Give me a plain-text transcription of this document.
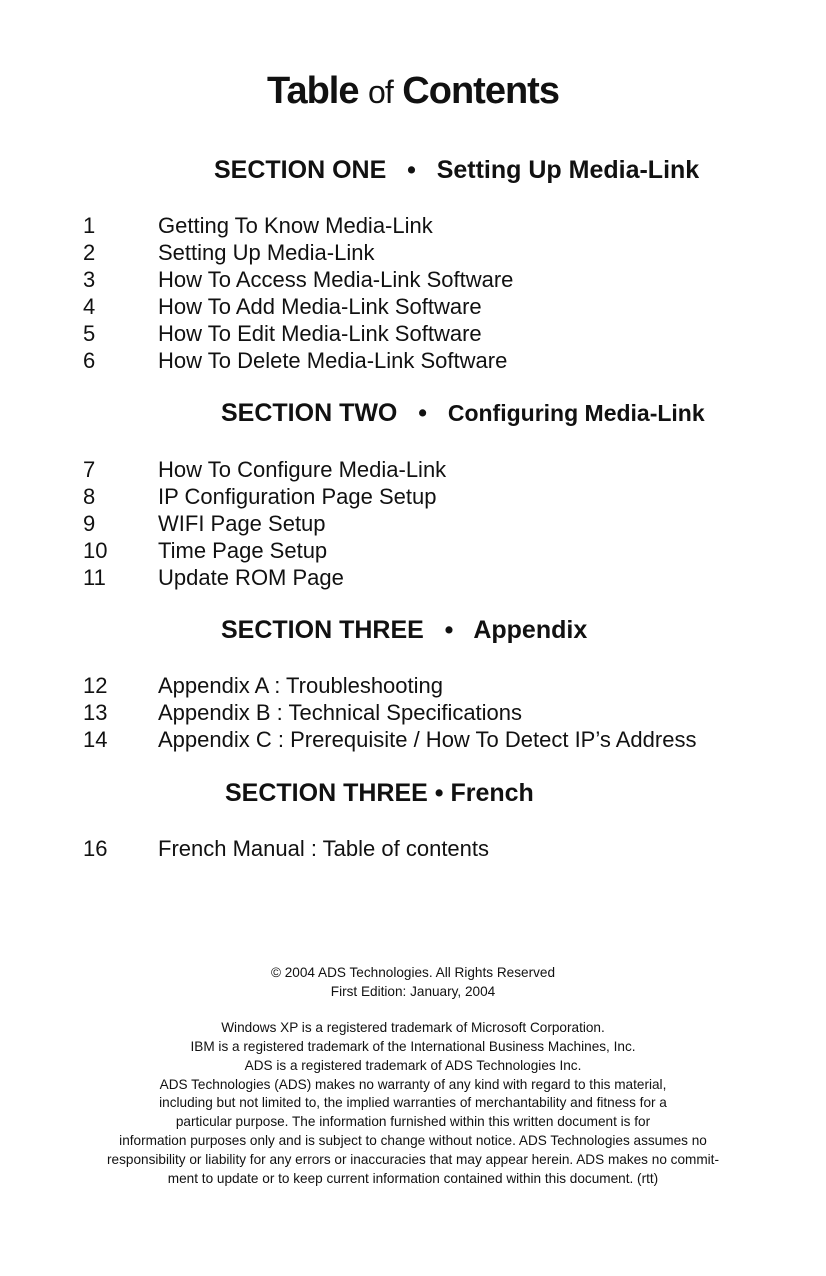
Table of Contents
SECTION ONE • Setting Up Media-Link
1	Getting To Know Media-Link
2	Setting Up Media-Link
3	How To Access Media-Link Software
4	How To Add Media-Link Software
5	How To Edit Media-Link Software
6	How To Delete Media-Link Software
SECTION TWO • Configuring Media-Link
7	How To Configure Media-Link
8	IP Configuration Page Setup
9	WIFI Page Setup
10 Time Page Setup
11 Update ROM Page
SECTION THREE • Appendix
12 Appendix A : Troubleshooting
13 Appendix B : Technical Specifications
14 Appendix C : Prerequisite / How To Detect IP’s Address
SECTION THREE • French
16 French Manual : Table of contents

© 2004 ADS Technologies. All Rights Reserved

First Edition: January, 2004

Windows XP is a registered trademark of Microsoft Corporation.

IBM is a registered trademark of the International Business Machines, Inc.

ADS is a registered trademark of ADS Technologies Inc.

ADS Technologies (ADS) makes no warranty of any kind with regard to this material,

including but not limited to, the implied warranties of merchantability and fitness for a

particular purpose. The information furnished within this written document is for

information purposes only and is subject to change without notice. ADS Technologies assumes no

responsibility or liability for any errors or inaccuracies that may appear herein. ADS makes no commit-

ment to update or to keep current information contained within this document. (rtt)
